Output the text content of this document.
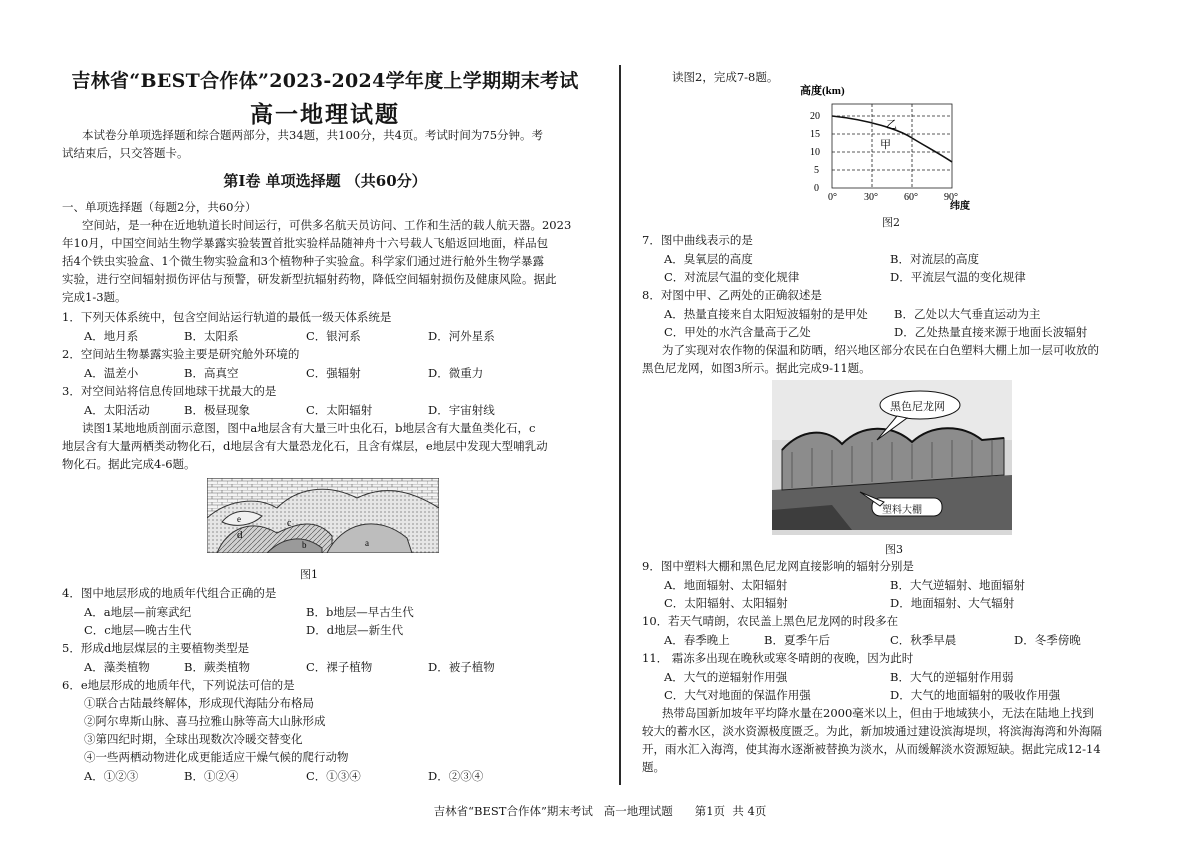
吉林省“BEST合作体”2023-2024学年度上学期期末考试
高一地理试题
本试卷分单项选择题和综合题两部分，共34题，共100分，共4页。考试时间为75分钟。考
试结束后，只交答题卡。
第Ⅰ卷 单项选择题 （共60分）
一、单项选择题（每题2分，共60分）
空间站，是一种在近地轨道长时间运行，可供多名航天员访问、工作和生活的载人航天器。2023
年10月，中国空间站生物学暴露实验装置首批实验样品随神舟十六号载人飞船返回地面，样品包
括4个铁虫实验盒、1个微生物实验盒和3个植物种子实验盒。科学家们通过进行舱外生物学暴露
实验，进行空间辐射损伤评估与预警，研发新型抗辐射药物，降低空间辐射损伤及健康风险。据此
完成1-3题。
1．下列天体系统中，包含空间站运行轨道的最低一级天体系统是
A．地月系	B．太阳系	C．银河系	D．河外星系
2．空间站生物暴露实验主要是研究舱外环境的
A．温差小	B．高真空	C．强辐射	D．微重力
3．对空间站将信息传回地球干扰最大的是
A．太阳活动	B．极昼现象	C．太阳辐射	D．宇宙射线
读图1某地地质剖面示意图，图中a地层含有大量三叶虫化石，b地层含有大量鱼类化石，c
地层含有大量两栖类动物化石，d地层含有大量恐龙化石，且含有煤层，e地层中发现大型哺乳动
物化石。据此完成4-6题。
e
d
c
b	a
图1
4．图中地层形成的地质年代组合正确的是
A．a地层—前寒武纪	B．b地层—早古生代
C．c地层—晚古生代	D．d地层—新生代
5．形成d地层煤层的主要植物类型是
A．藻类植物	B．蕨类植物	C．裸子植物	D．被子植物
6．e地层形成的地质年代，下列说法可信的是
①联合古陆最终解体，形成现代海陆分布格局
②阿尔卑斯山脉、喜马拉雅山脉等高大山脉形成
③第四纪时期，全球出现数次冷暖交替变化
④一些两栖动物进化成更能适应干燥气候的爬行动物
A．①②③	B．①②④	C．①③④	D．②③④
读图2，完成7-8题。
高度(km)
0
5
10
15
20
0°	30°	60°	90°
纬度
乙
甲
图2
7．图中曲线表示的是
A．臭氧层的高度	B．对流层的高度
C．对流层气温的变化规律	D．平流层气温的变化规律
8．对图中甲、乙两处的正确叙述是
A．热量直接来自太阳短波辐射的是甲处 B．乙处以大气垂直运动为主
C．甲处的水汽含量高于乙处	D．乙处热量直接来源于地面长波辐射
为了实现对农作物的保温和防晒，绍兴地区部分农民在白色塑料大棚上加一层可收放的
黑色尼龙网，如图3所示。据此完成9-11题。
黑色尼龙网
塑料大棚
图3
9．图中塑料大棚和黑色尼龙网直接影响的辐射分别是
A．地面辐射、太阳辐射	B．大气逆辐射、地面辐射
C．太阳辐射、太阳辐射	D．地面辐射、大气辐射
10．若天气晴朗，农民盖上黑色尼龙网的时段多在
A．春季晚上	B．夏季午后	C．秋季早晨	D．冬季傍晚
11． 霜冻多出现在晚秋或寒冬晴朗的夜晚，因为此时
A．大气的逆辐射作用强	B．大气的逆辐射作用弱
C．大气对地面的保温作用强	D．大气的地面辐射的吸收作用强
热带岛国新加坡年平均降水量在2000毫米以上，但由于地域狭小，无法在陆地上找到
较大的蓄水区，淡水资源极度匮乏。为此，新加坡通过建设滨海堤坝，将滨海海湾和外海隔
开，雨水汇入海湾，使其海水逐渐被替换为淡水，从而缓解淡水资源短缺。据此完成12-14
题。
吉林省“BEST合作体”期末考试   高一地理试题      第1页  共 4页
